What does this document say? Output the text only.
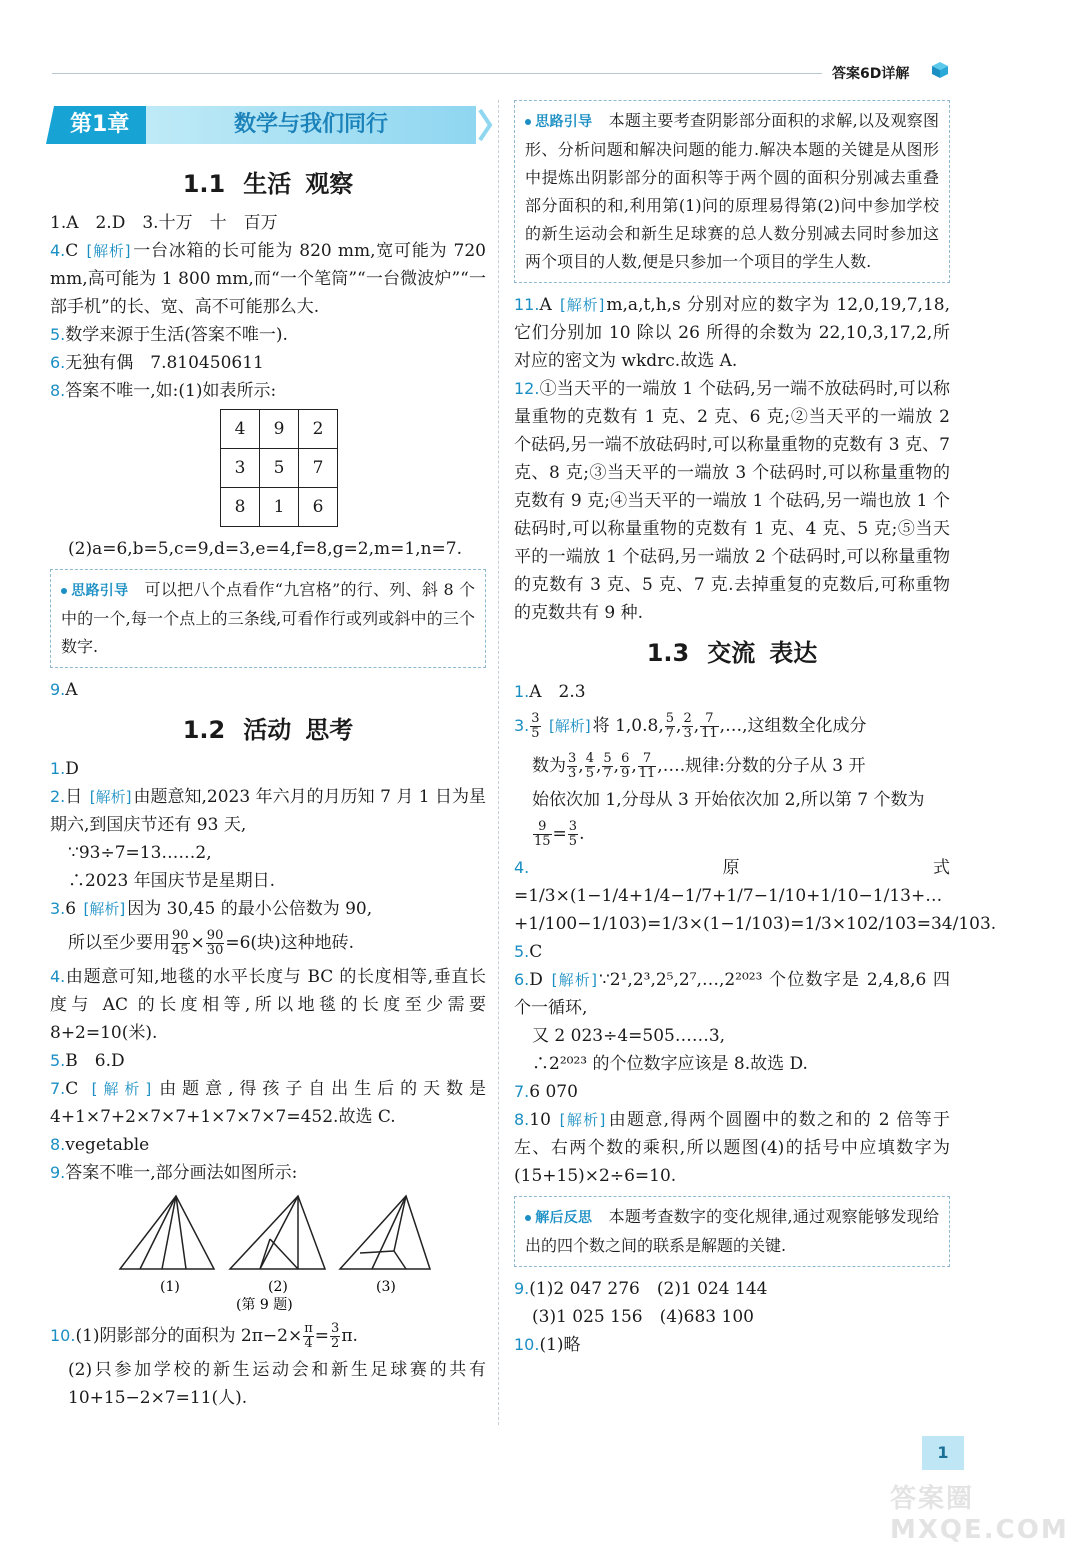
答案6D详解
第1章	数学与我们同行
1.1 生活 观察

1.A　2.D　3.十万　十　百万

4.C [解析] 一台冰箱的长可能为 820 mm,宽可能为 720 mm,高可能为 1 800 mm,而“一个笔筒”“一台微波炉”“一部手机”的长、宽、高不可能那么大.

5.数学来源于生活(答案不唯一).

6.无独有偶　7.810450611

8.答案不唯一,如:(1)如表所示:

4	9	2
3	5	7
8	1	6

(2)a=6,b=5,c=9,d=3,e=4,f=8,g=2,m=1,n=7.

思路引导　 可以把八个点看作“九宫格”的行、列、斜 8 个中的一个,每一个点上的三条线,可看作行或列或斜中的三个数字.

9.A

1.2 活动 思考

1.D

2.日 [解析] 由题意知,2023 年六月的月历知 7 月 1 日为星期六,到国庆节还有 93 天,

∵93÷7=13……2,

∴2023 年国庆节是星期日.

3.6 [解析] 因为 30,45 的最小公倍数为 90,

所以至少要用 $\frac{90}{45} \times \frac{90}{30} =6$(块)这种地砖.

4.由题意可知,地毯的水平长度与 BC 的长度相等,垂直长度与 AC 的长度相等,所以地毯的长度至少需要 8+2=10(米).

5.B　6.D

7.C [解析] 由题意,得孩子自出生后的天数是 4+1×7+2×7×7+1×7×7×7=452.故选 C.

8.vegetable

9.答案不唯一,部分画法如图所示:

(1)	(2)	(3)
(第 9 题)

10.(1)阴影部分的面积为 $2\pi-2\times \frac{\pi}{4} = \frac{3}{2} \pi$.

(2)只参加学校的新生运动会和新生足球赛的共有 10+15−2×7=11(人).

思路引导　 本题主要考查阴影部分面积的求解,以及观察图形、分析问题和解决问题的能力.解决本题的关键是从图形中提炼出阴影部分的面积等于两个圆的面积分别减去重叠部分面积的和,利用第(1)问的原理易得第(2)问中参加学校的新生运动会和新生足球赛的总人数分别减去同时参加这两个项目的人数,便是只参加一个项目的学生人数.

11.A [解析] m,a,t,h,s 分别对应的数字为 12,0,19,7,18,它们分别加 10 除以 26 所得的余数为 22,10,3,17,2,所对应的密文为 wkdrc.故选 A.

12.①当天平的一端放 1 个砝码,另一端不放砝码时,可以称量重物的克数有 1 克、2 克、6 克;②当天平的一端放 2 个砝码,另一端不放砝码时,可以称量重物的克数有 3 克、7 克、8 克;③当天平的一端放 3 个砝码时,可以称量重物的克数有 9 克;④当天平的一端放 1 个砝码,另一端也放 1 个砝码时,可以称量重物的克数有 1 克、4 克、5 克;⑤当天平的一端放 1 个砝码,另一端放 2 个砝码时,可以称量重物的克数有 3 克、5 克、7 克.去掉重复的克数后,可称重物的克数共有 9 种.

1.3 交流 表达

1.A　2.3

3. $\frac{3}{5}$ [解析] 将 1,0.8, $\frac{5}{7}$ , $\frac{2}{3}$ , $\frac{7}{11}$ ,…,这组数全化成分

数为 $\frac{3}{3}$ , $\frac{4}{5}$ , $\frac{5}{7}$ , $\frac{6}{9}$ , $\frac{7}{11}$ ,….规律:分数的分子从 3 开

始依次加 1,分母从 3 开始依次加 2,所以第 7 个数为

$\frac{9}{15} = \frac{3}{5}$ .

4.原式=1/3×(1−1/4+1/4−1/7+1/7−1/10+1/10−1/13+…+1/100−1/103)=1/3×(1−1/103)=1/3×102/103=34/103.

5.C

6.D [解析] ∵2¹,2³,2⁵,2⁷,…,2²⁰²³ 个位数字是 2,4,8,6 四个一循环,

又 2 023÷4=505……3,

∴2²⁰²³ 的个位数字应该是 8.故选 D.

7.6 070

8.10 [解析] 由题意,得两个圆圈中的数之和的 2 倍等于左、右两个数的乘积,所以题图(4)的括号中应填数字为(15+15)×2÷6=10.

解后反思　 本题考查数字的变化规律,通过观察能够发现给出的四个数之间的联系是解题的关键.

9.(1)2 047 276　(2)1 024 144

(3)1 025 156　(4)683 100

10.(1)略

1
答案圈 MXQE.COM
